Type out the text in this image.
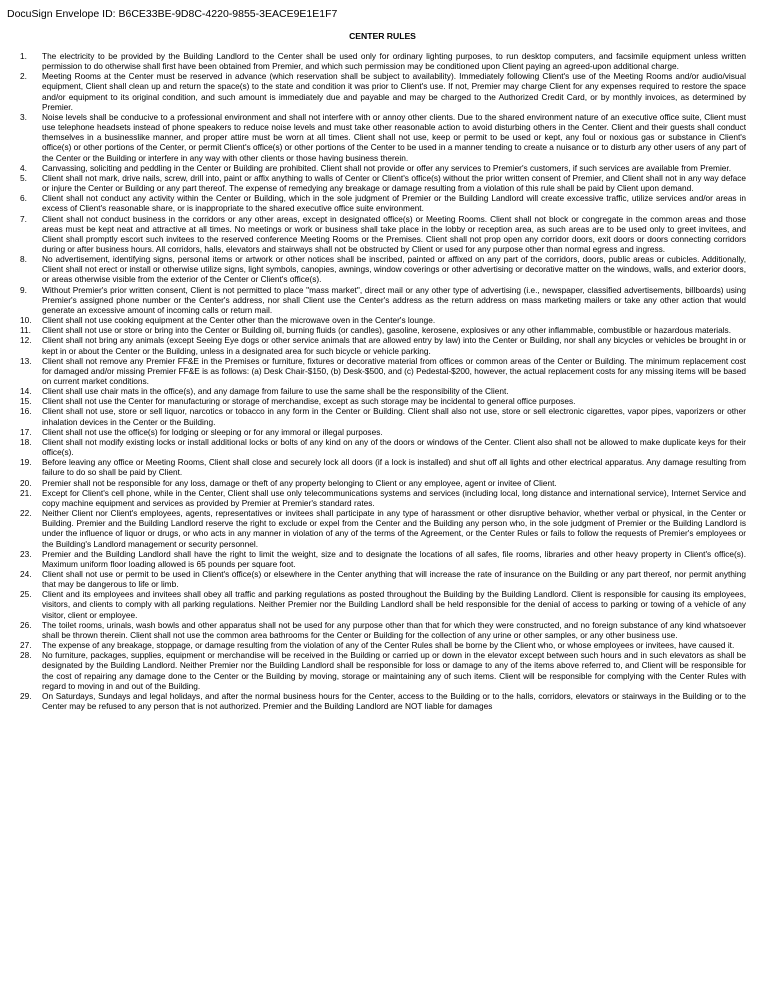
DocuSign Envelope ID: B6CE33BE-9D8C-4220-9855-3EACE9E1E1F7
CENTER RULES
1. The electricity to be provided by the Building Landlord to the Center shall be used only for ordinary lighting purposes, to run desktop computers, and facsimile equipment unless written permission to do otherwise shall first have been obtained from Premier, and which such permission may be conditioned upon Client paying an agreed-upon additional charge.
2. Meeting Rooms at the Center must be reserved in advance (which reservation shall be subject to availability). Immediately following Client's use of the Meeting Rooms and/or audio/visual equipment, Client shall clean up and return the space(s) to the state and condition it was prior to Client's use. If not, Premier may charge Client for any expenses required to restore the space and/or equipment to its original condition, and such amount is immediately due and payable and may be charged to the Authorized Credit Card, or by monthly invoices, as determined by Premier.
3. Noise levels shall be conducive to a professional environment and shall not interfere with or annoy other clients. Due to the shared environment nature of an executive office suite, Client must use telephone headsets instead of phone speakers to reduce noise levels and must take other reasonable action to avoid disturbing others in the Center. Client and their guests shall conduct themselves in a businesslike manner, and proper attire must be worn at all times. Client shall not use, keep or permit to be used or kept, any foul or noxious gas or substance in Client's office(s) or other portions of the Center, or permit Client's office(s) or other portions of the Center to be used in a manner tending to create a nuisance or to disturb any other users of any part of the Center or the Building or interfere in any way with other clients or those having business therein.
4. Canvassing, soliciting and peddling in the Center or Building are prohibited. Client shall not provide or offer any services to Premier's customers, if such services are available from Premier.
5. Client shall not mark, drive nails, screw, drill into, paint or affix anything to walls of Center or Client's office(s) without the prior written consent of Premier, and Client shall not in any way deface or injure the Center or Building or any part thereof. The expense of remedying any breakage or damage resulting from a violation of this rule shall be paid by Client upon demand.
6. Client shall not conduct any activity within the Center or Building, which in the sole judgment of Premier or the Building Landlord will create excessive traffic, utilize services and/or areas in excess of Client's reasonable share, or is inappropriate to the shared executive office suite environment.
7. Client shall not conduct business in the corridors or any other areas, except in designated office(s) or Meeting Rooms. Client shall not block or congregate in the common areas and those areas must be kept neat and attractive at all times. No meetings or work or business shall take place in the lobby or reception area, as such areas are to be used only to greet invitees, and Client shall promptly escort such invitees to the reserved conference Meeting Rooms or the Premises. Client shall not prop open any corridor doors, exit doors or doors connecting corridors during or after business hours. All corridors, halls, elevators and stairways shall not be obstructed by Client or used for any purpose other than normal egress and ingress.
8. No advertisement, identifying signs, personal items or artwork or other notices shall be inscribed, painted or affixed on any part of the corridors, doors, public areas or cubicles. Additionally, Client shall not erect or install or otherwise utilize signs, light symbols, canopies, awnings, window coverings or other advertising or decorative matter on the windows, walls, and exterior doors, or areas otherwise visible from the exterior of the Center or Client's office(s).
9. Without Premier's prior written consent, Client is not permitted to place "mass market", direct mail or any other type of advertising (i.e., newspaper, classified advertisements, billboards) using Premier's assigned phone number or the Center's address, nor shall Client use the Center's address as the return address on mass marketing mailers or take any other action that would generate an excessive amount of incoming calls or return mail.
10. Client shall not use cooking equipment at the Center other than the microwave oven in the Center's lounge.
11. Client shall not use or store or bring into the Center or Building oil, burning fluids (or candles), gasoline, kerosene, explosives or any other inflammable, combustible or hazardous materials.
12. Client shall not bring any animals (except Seeing Eye dogs or other service animals that are allowed entry by law) into the Center or Building, nor shall any bicycles or vehicles be brought in or kept in or about the Center or the Building, unless in a designated area for such bicycle or vehicle parking.
13. Client shall not remove any Premier FF&E in the Premises or furniture, fixtures or decorative material from offices or common areas of the Center or Building. The minimum replacement cost for damaged and/or missing Premier FF&E is as follows: (a) Desk Chair-$150, (b) Desk-$500, and (c) Pedestal-$200, however, the actual replacement costs for any missing items will be based on current market conditions.
14. Client shall use chair mats in the office(s), and any damage from failure to use the same shall be the responsibility of the Client.
15. Client shall not use the Center for manufacturing or storage of merchandise, except as such storage may be incidental to general office purposes.
16. Client shall not use, store or sell liquor, narcotics or tobacco in any form in the Center or Building. Client shall also not use, store or sell electronic cigarettes, vapor pipes, vaporizers or other inhalation devices in the Center or the Building.
17. Client shall not use the office(s) for lodging or sleeping or for any immoral or illegal purposes.
18. Client shall not modify existing locks or install additional locks or bolts of any kind on any of the doors or windows of the Center. Client also shall not be allowed to make duplicate keys for their office(s).
19. Before leaving any office or Meeting Rooms, Client shall close and securely lock all doors (if a lock is installed) and shut off all lights and other electrical apparatus. Any damage resulting from failure to do so shall be paid by Client.
20. Premier shall not be responsible for any loss, damage or theft of any property belonging to Client or any employee, agent or invitee of Client.
21. Except for Client's cell phone, while in the Center, Client shall use only telecommunications systems and services (including local, long distance and international service), Internet Service and copy machine equipment and services as provided by Premier at Premier's standard rates.
22. Neither Client nor Client's employees, agents, representatives or invitees shall participate in any type of harassment or other disruptive behavior, whether verbal or physical, in the Center or Building. Premier and the Building Landlord reserve the right to exclude or expel from the Center and the Building any person who, in the sole judgment of Premier or the Building Landlord is under the influence of liquor or drugs, or who acts in any manner in violation of any of the terms of the Agreement, or the Center Rules or fails to follow the requests of Premier's employees or the Building's Landlord management or security personnel.
23. Premier and the Building Landlord shall have the right to limit the weight, size and to designate the locations of all safes, file rooms, libraries and other heavy property in Client's office(s). Maximum uniform floor loading allowed is 65 pounds per square foot.
24. Client shall not use or permit to be used in Client's office(s) or elsewhere in the Center anything that will increase the rate of insurance on the Building or any part thereof, nor permit anything that may be dangerous to life or limb.
25. Client and its employees and invitees shall obey all traffic and parking regulations as posted throughout the Building by the Building Landlord. Client is responsible for causing its employees, visitors, and clients to comply with all parking regulations. Neither Premier nor the Building Landlord shall be held responsible for the denial of access to parking or towing of a vehicle of any visitor, client or employee.
26. The toilet rooms, urinals, wash bowls and other apparatus shall not be used for any purpose other than that for which they were constructed, and no foreign substance of any kind whatsoever shall be thrown therein. Client shall not use the common area bathrooms for the Center or Building for the collection of any urine or other samples, or any other business use.
27. The expense of any breakage, stoppage, or damage resulting from the violation of any of the Center Rules shall be borne by the Client who, or whose employees or invitees, have caused it.
28. No furniture, packages, supplies, equipment or merchandise will be received in the Building or carried up or down in the elevator except between such hours and in such elevators as shall be designated by the Building Landlord. Neither Premier nor the Building Landlord shall be responsible for loss or damage to any of the items above referred to, and Client will be responsible for the cost of repairing any damage done to the Center or the Building by moving, storage or maintaining any of such items. Client will be responsible for complying with the Center Rules with regard to moving in and out of the Building.
29. On Saturdays, Sundays and legal holidays, and after the normal business hours for the Center, access to the Building or to the halls, corridors, elevators or stairways in the Building or to the Center may be refused to any person that is not authorized. Premier and the Building Landlord are NOT liable for damages
